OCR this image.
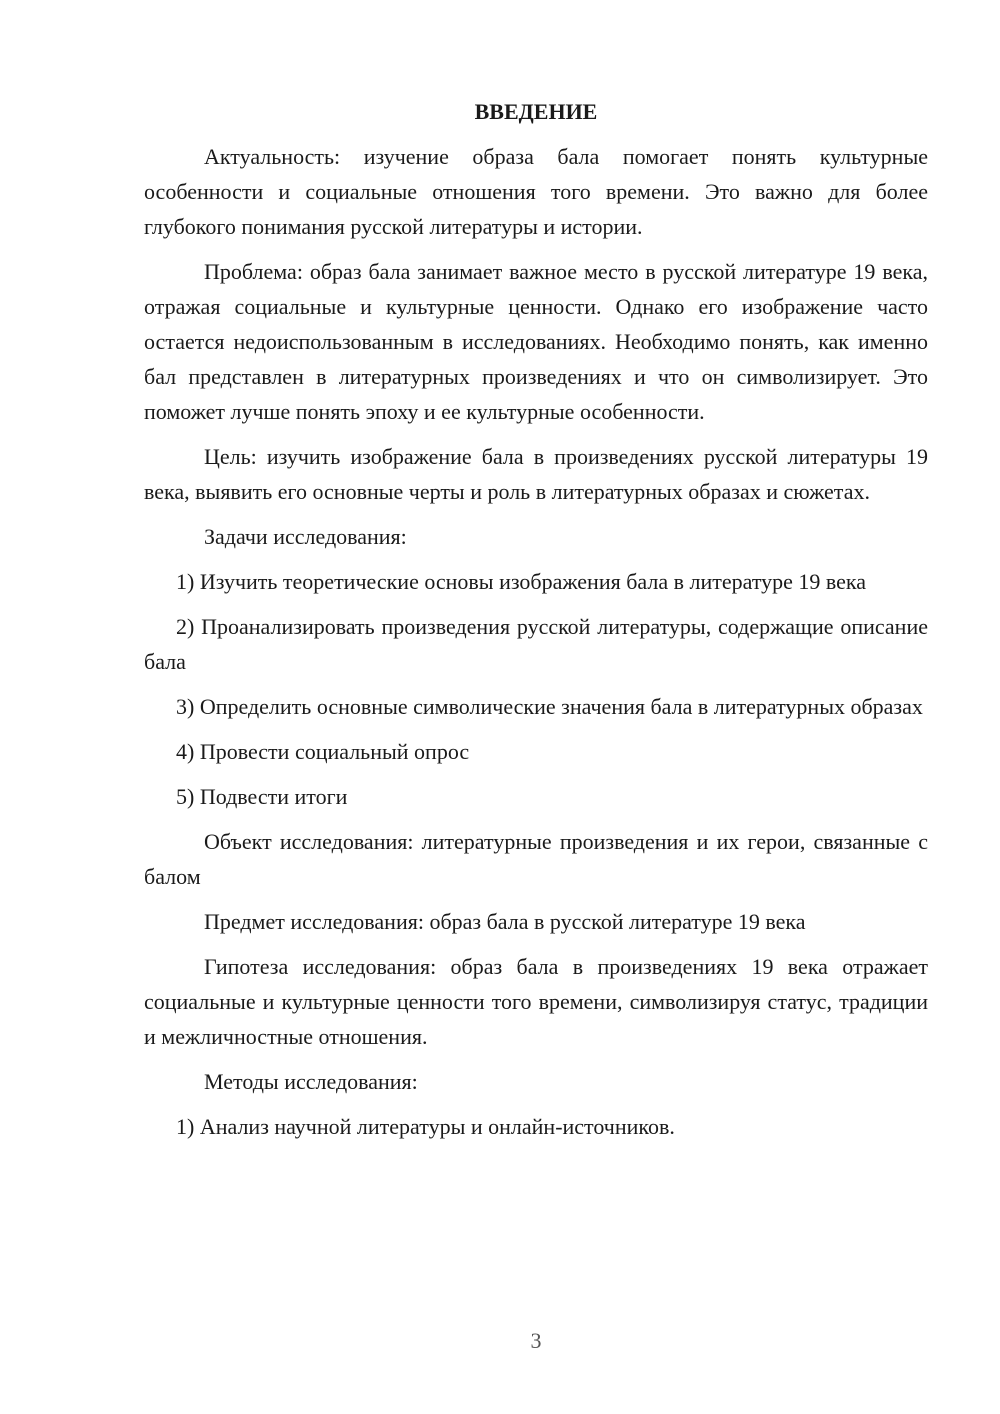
ВВЕДЕНИЕ

Актуальность: изучение образа бала помогает понять культурные особенности и социальные отношения того времени. Это важно для более глубокого понимания русской литературы и истории.

Проблема: образ бала занимает важное место в русской литературе 19 века, отражая социальные и культурные ценности. Однако его изображение часто остается недоиспользованным в исследованиях. Необходимо понять, как именно бал представлен в литературных произведениях и что он символизирует. Это поможет лучше понять эпоху и ее культурные особенности.

Цель: изучить изображение бала в произведениях русской литературы 19 века, выявить его основные черты и роль в литературных образах и сюжетах.

Задачи исследования:

1) Изучить теоретические основы изображения бала в литературе 19 века

2) Проанализировать произведения русской литературы, содержащие описание бала

3) Определить основные символические значения бала в литературных образах

4) Провести социальный опрос

5) Подвести итоги

Объект исследования: литературные произведения и их герои, связанные с балом

Предмет исследования: образ бала в русской литературе 19 века

Гипотеза исследования: образ бала в произведениях 19 века отражает социальные и культурные ценности того времени, символизируя статус, традиции и межличностные отношения.

Методы исследования:

1) Анализ научной литературы и онлайн-источников.

3
